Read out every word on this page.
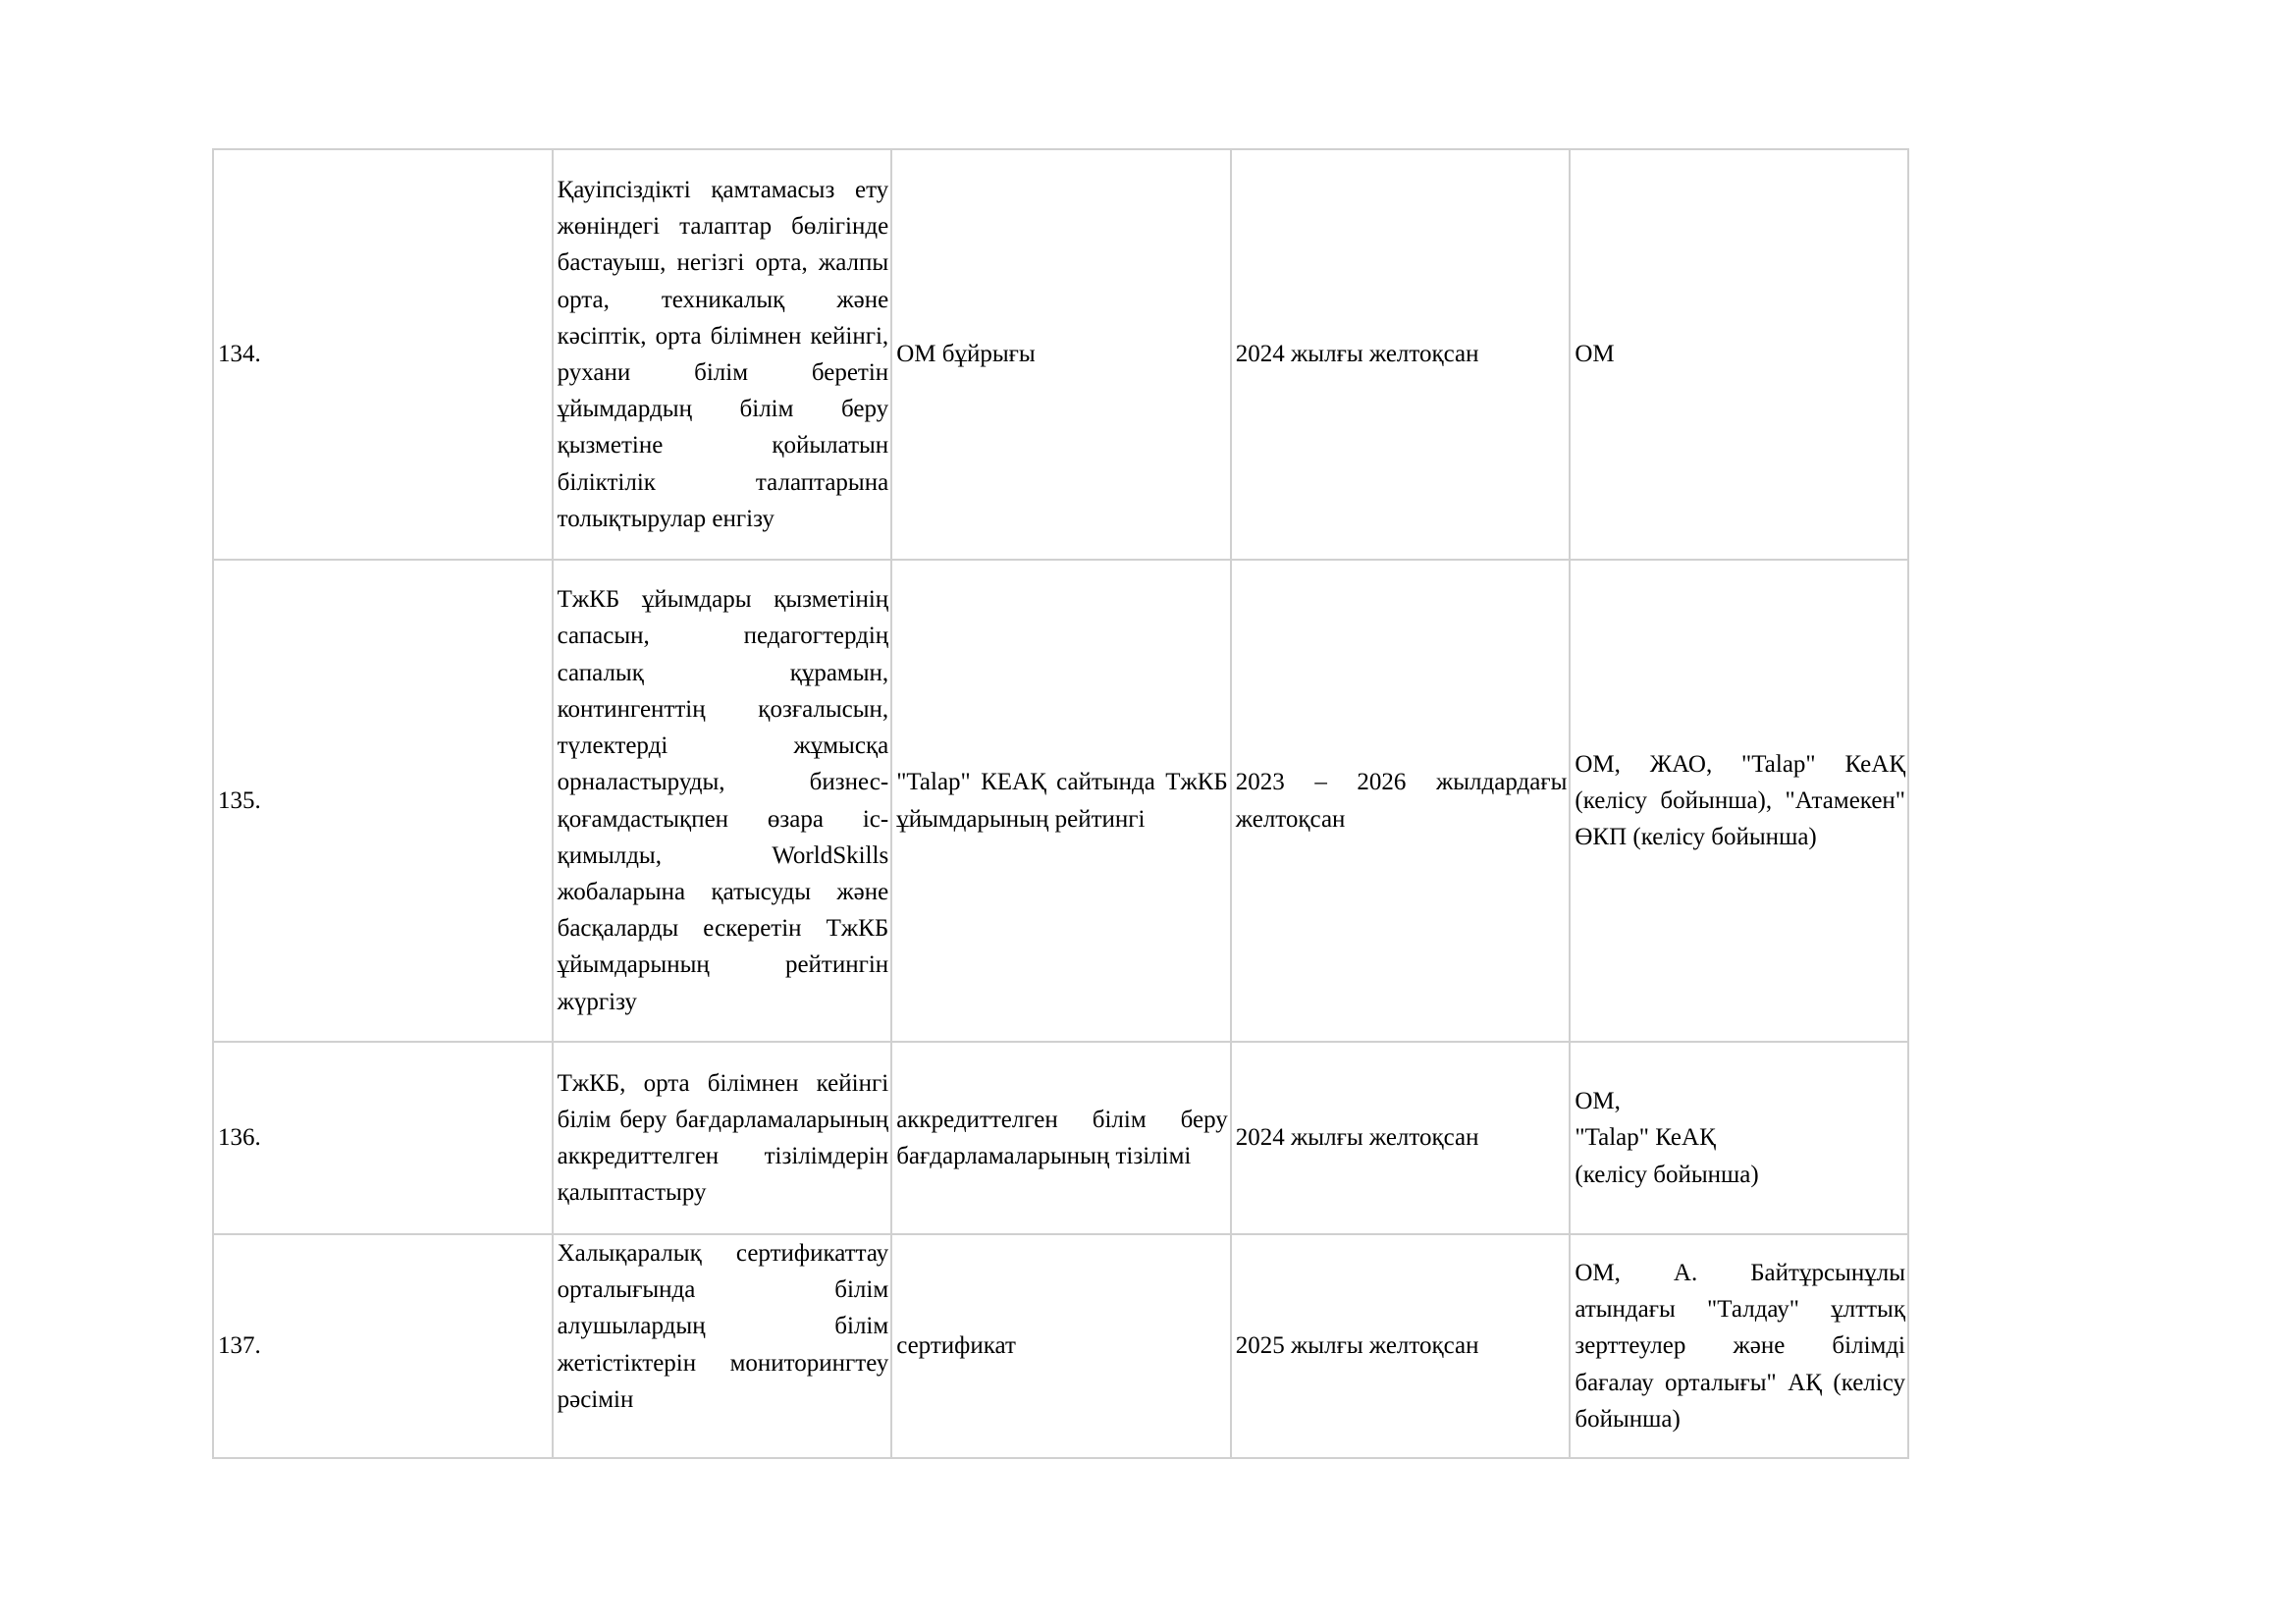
134.	Қауіпсіздікті қамтамасыз ету жөніндегі талаптар бөлігінде бастауыш, негізгі орта, жалпы орта, техникалық және кәсіптік, орта білімнен кейінгі, рухани білім беретін ұйымдардың білім беру қызметіне қойылатын біліктілік талаптарына толықтырулар енгізу	ОМ бұйрығы	2024 жылғы желтоқсан	ОМ
135.	ТжКБ ұйымдары қызметінің сапасын, педагогтердің сапалық құрамын, контингенттің қозғалысын, түлектерді жұмысқа орналастыруды, бизнес-қоғамдастықпен өзара іс-қимылды, WorldSkills жобаларына қатысуды және басқаларды ескеретін ТжКБ ұйымдарының рейтингін жүргізу	"Talap" КЕАҚ сайтында ТжКБ ұйымдарының рейтингі	2023 – 2026 жылдардағы желтоқсан	ОМ, ЖАО, "Talap" КеАҚ (келісу бойынша), "Атамекен" ӨКП (келісу бойынша)
136.	ТжКБ, орта білімнен кейінгі білім беру бағдарламаларының аккредиттелген тізілімдерін қалыптастыру	аккредиттелген білім беру бағдарламаларының тізілімі	2024 жылғы желтоқсан	ОМ,
"Talap" КеАҚ
(келісу бойынша)

137.	Халықаралық сертификаттау орталығында білім алушылардың білім жетістіктерін мониторингтеу рәсімін	сертификат	2025 жылғы желтоқсан	ОМ, А. Байтұрсынұлы атындағы "Талдау" ұлттық зерттеулер және білімді бағалау орталығы" АҚ (келісу бойынша)
